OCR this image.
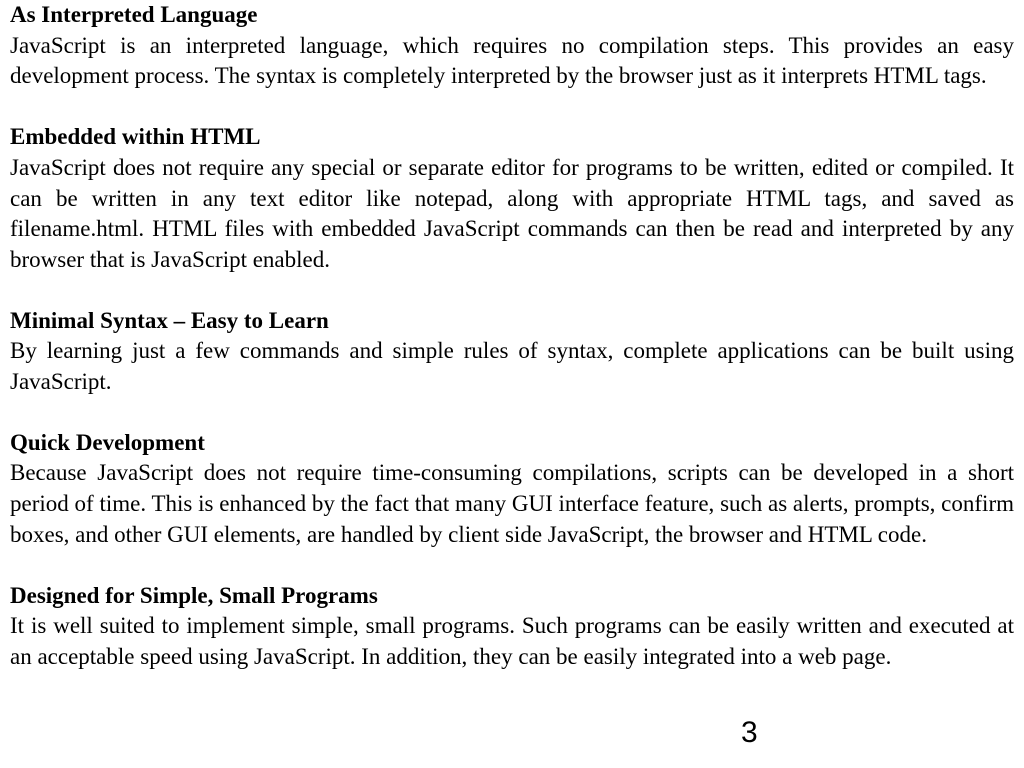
As Interpreted Language

JavaScript is an interpreted language, which requires no compilation steps. This provides an easy development process. The syntax is completely interpreted by the browser just as it interprets HTML tags.

Embedded within HTML

JavaScript does not require any special or separate editor for programs to be written, edited or compiled. It can be written in any text editor like notepad, along with appropriate HTML tags, and saved as filename.html. HTML files with embedded JavaScript commands can then be read and interpreted by any browser that is JavaScript enabled.

Minimal Syntax – Easy to Learn

By learning just a few commands and simple rules of syntax, complete applications can be built using JavaScript.

Quick Development

Because JavaScript does not require time-consuming compilations, scripts can be developed in a short period of time. This is enhanced by the fact that many GUI interface feature, such as alerts, prompts, confirm boxes, and other GUI elements, are handled by client side JavaScript, the browser and HTML code.

Designed for Simple, Small Programs

It is well suited to implement simple, small programs. Such programs can be easily written and executed at an acceptable speed using JavaScript. In addition, they can be easily integrated into a web page.

3
